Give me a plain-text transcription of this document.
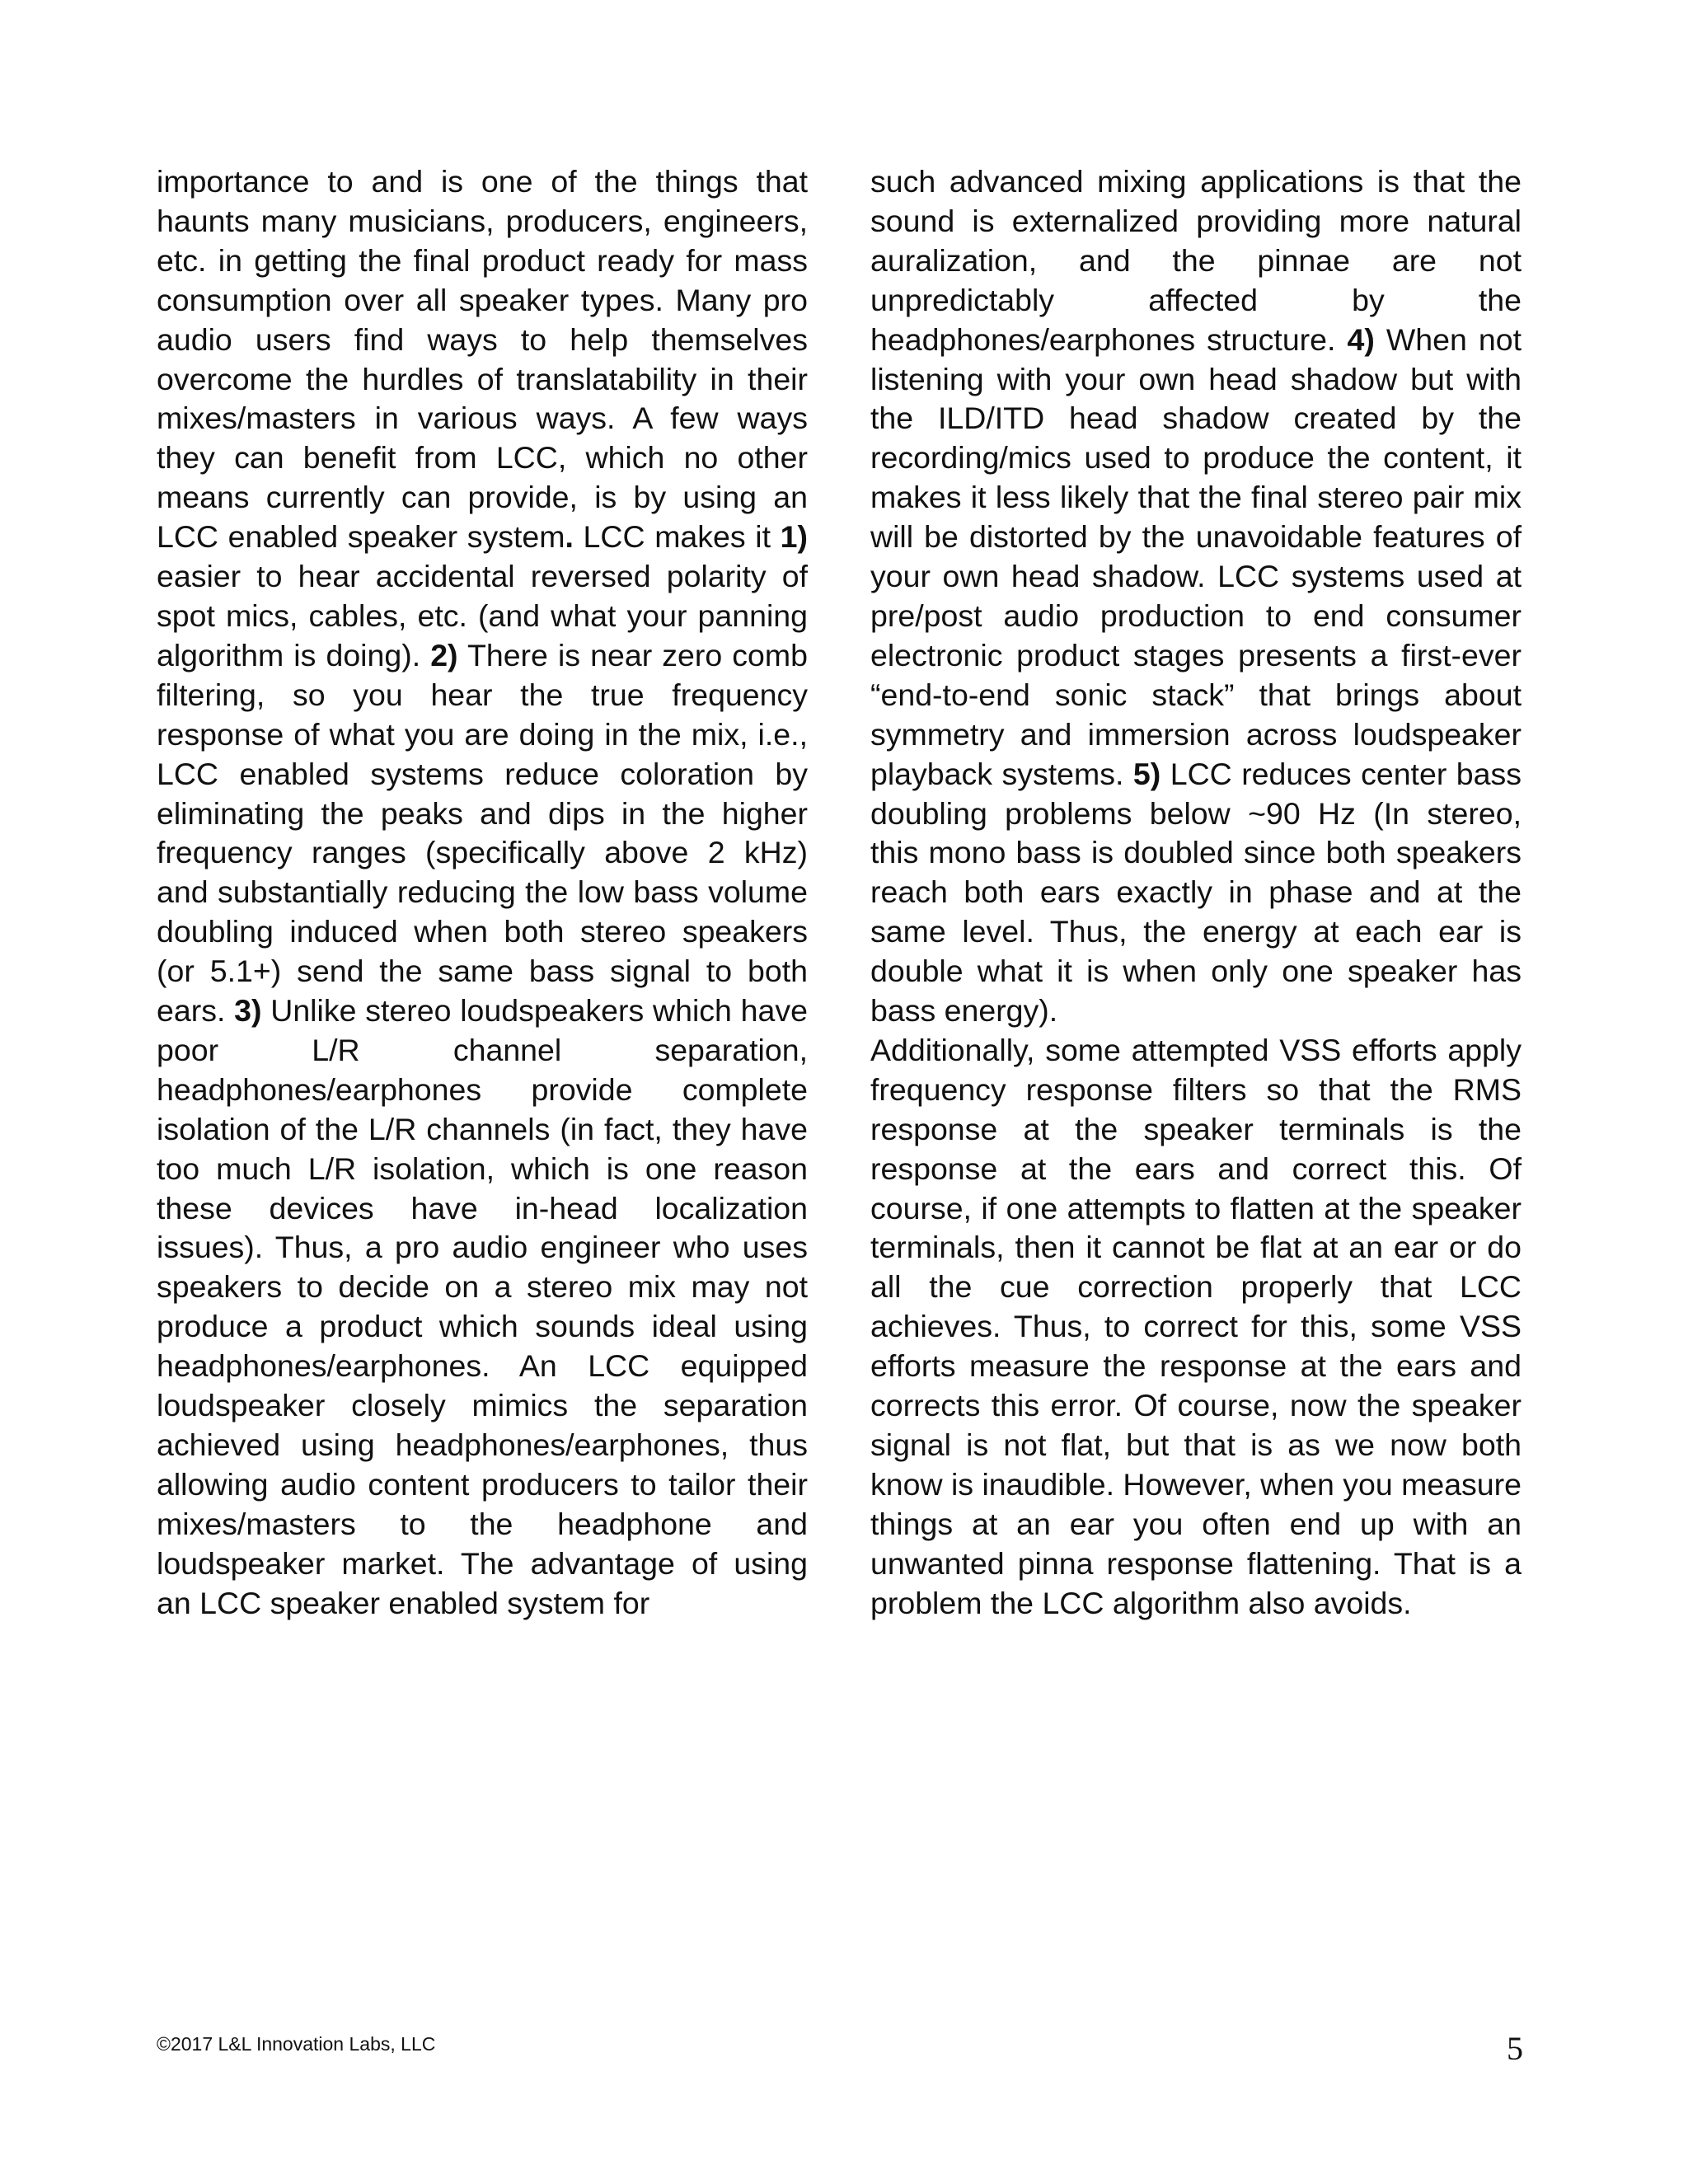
importance to and is one of the things that haunts many musicians, producers, engineers, etc. in getting the final product ready for mass consumption over all speaker types. Many pro audio users find ways to help themselves overcome the hurdles of translatability in their mixes/masters in various ways. A few ways they can benefit from LCC, which no other means currently can provide, is by using an LCC enabled speaker system. LCC makes it 1) easier to hear accidental reversed polarity of spot mics, cables, etc. (and what your panning algorithm is doing). 2) There is near zero comb filtering, so you hear the true frequency response of what you are doing in the mix, i.e., LCC enabled systems reduce coloration by eliminating the peaks and dips in the higher frequency ranges (specifically above 2 kHz) and substantially reducing the low bass volume doubling induced when both stereo speakers (or 5.1+) send the same bass signal to both ears. 3) Unlike stereo loudspeakers which have poor L/R channel separation, headphones/earphones provide complete isolation of the L/R channels (in fact, they have too much L/R isolation, which is one reason these devices have in-head localization issues). Thus, a pro audio engineer who uses speakers to decide on a stereo mix may not produce a product which sounds ideal using headphones/earphones. An LCC equipped loudspeaker closely mimics the separation achieved using headphones/earphones, thus allowing audio content producers to tailor their mixes/masters to the headphone and loudspeaker market. The advantage of using an LCC speaker enabled system for

such advanced mixing applications is that the sound is externalized providing more natural auralization, and the pinnae are not unpredictably affected by the headphones/earphones structure. 4) When not listening with your own head shadow but with the ILD/ITD head shadow created by the recording/mics used to produce the content, it makes it less likely that the final stereo pair mix will be distorted by the unavoidable features of your own head shadow. LCC systems used at pre/post audio production to end consumer electronic product stages presents a first-ever “end-to-end sonic stack” that brings about symmetry and immersion across loudspeaker playback systems. 5) LCC reduces center bass doubling problems below ~90 Hz (In stereo, this mono bass is doubled since both speakers reach both ears exactly in phase and at the same level. Thus, the energy at each ear is double what it is when only one speaker has bass energy).

Additionally, some attempted VSS efforts apply frequency response filters so that the RMS response at the speaker terminals is the response at the ears and correct this. Of course, if one attempts to flatten at the speaker terminals, then it cannot be flat at an ear or do all the cue correction properly that LCC achieves. Thus, to correct for this, some VSS efforts measure the response at the ears and corrects this error. Of course, now the speaker signal is not flat, but that is as we now both know is inaudible. However, when you measure things at an ear you often end up with an unwanted pinna response flattening. That is a problem the LCC algorithm also avoids.

©2017 L&L Innovation Labs, LLC	5
